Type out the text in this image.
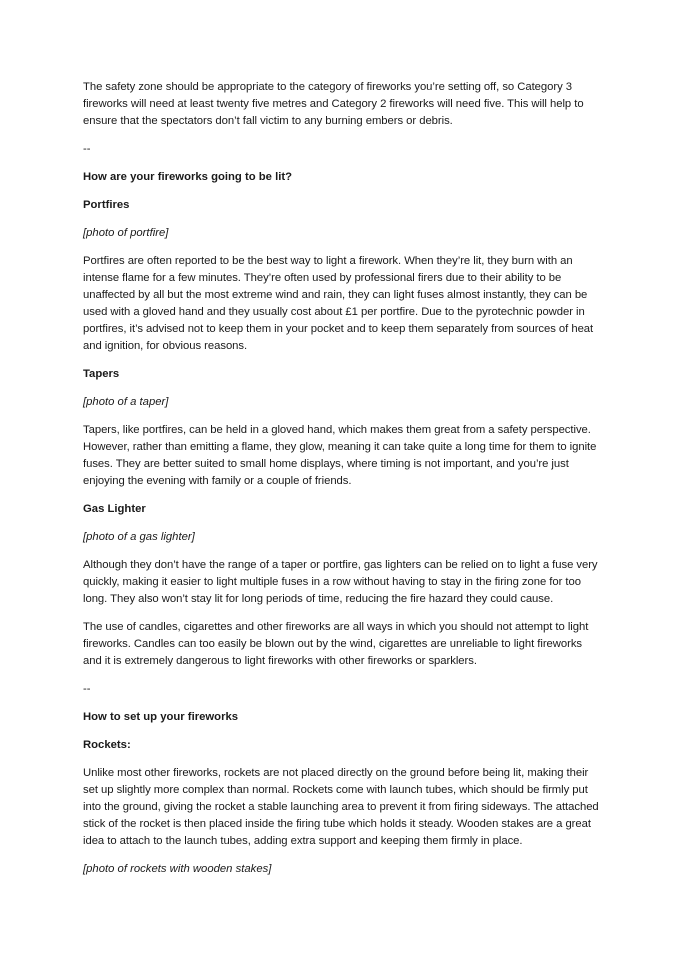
The safety zone should be appropriate to the category of fireworks you’re setting off, so Category 3 fireworks will need at least twenty five metres and Category 2 fireworks will need five. This will help to ensure that the spectators don’t fall victim to any burning embers or debris.

--

How are your fireworks going to be lit?

Portfires

[photo of portfire]

Portfires are often reported to be the best way to light a firework. When they’re lit, they burn with an intense flame for a few minutes. They’re often used by professional firers due to their ability to be unaffected by all but the most extreme wind and rain, they can light fuses almost instantly, they can be used with a gloved hand and they usually cost about £1 per portfire. Due to the pyrotechnic powder in portfires, it’s advised not to keep them in your pocket and to keep them separately from sources of heat and ignition, for obvious reasons.

Tapers

[photo of a taper]

Tapers, like portfires, can be held in a gloved hand, which makes them great from a safety perspective. However, rather than emitting a flame, they glow, meaning it can take quite a long time for them to ignite fuses. They are better suited to small home displays, where timing is not important, and you’re just enjoying the evening with family or a couple of friends.

Gas Lighter

[photo of a gas lighter]

Although they don’t have the range of a taper or portfire, gas lighters can be relied on to light a fuse very quickly, making it easier to light multiple fuses in a row without having to stay in the firing zone for too long. They also won’t stay lit for long periods of time, reducing the fire hazard they could cause.

The use of candles, cigarettes and other fireworks are all ways in which you should not attempt to light fireworks. Candles can too easily be blown out by the wind, cigarettes are unreliable to light fireworks and it is extremely dangerous to light fireworks with other fireworks or sparklers.

--

How to set up your fireworks

Rockets:

Unlike most other fireworks, rockets are not placed directly on the ground before being lit, making their set up slightly more complex than normal. Rockets come with launch tubes, which should be firmly put into the ground, giving the rocket a stable launching area to prevent it from firing sideways. The attached stick of the rocket is then placed inside the firing tube which holds it steady. Wooden stakes are a great idea to attach to the launch tubes, adding extra support and keeping them firmly in place.

[photo of rockets with wooden stakes]
